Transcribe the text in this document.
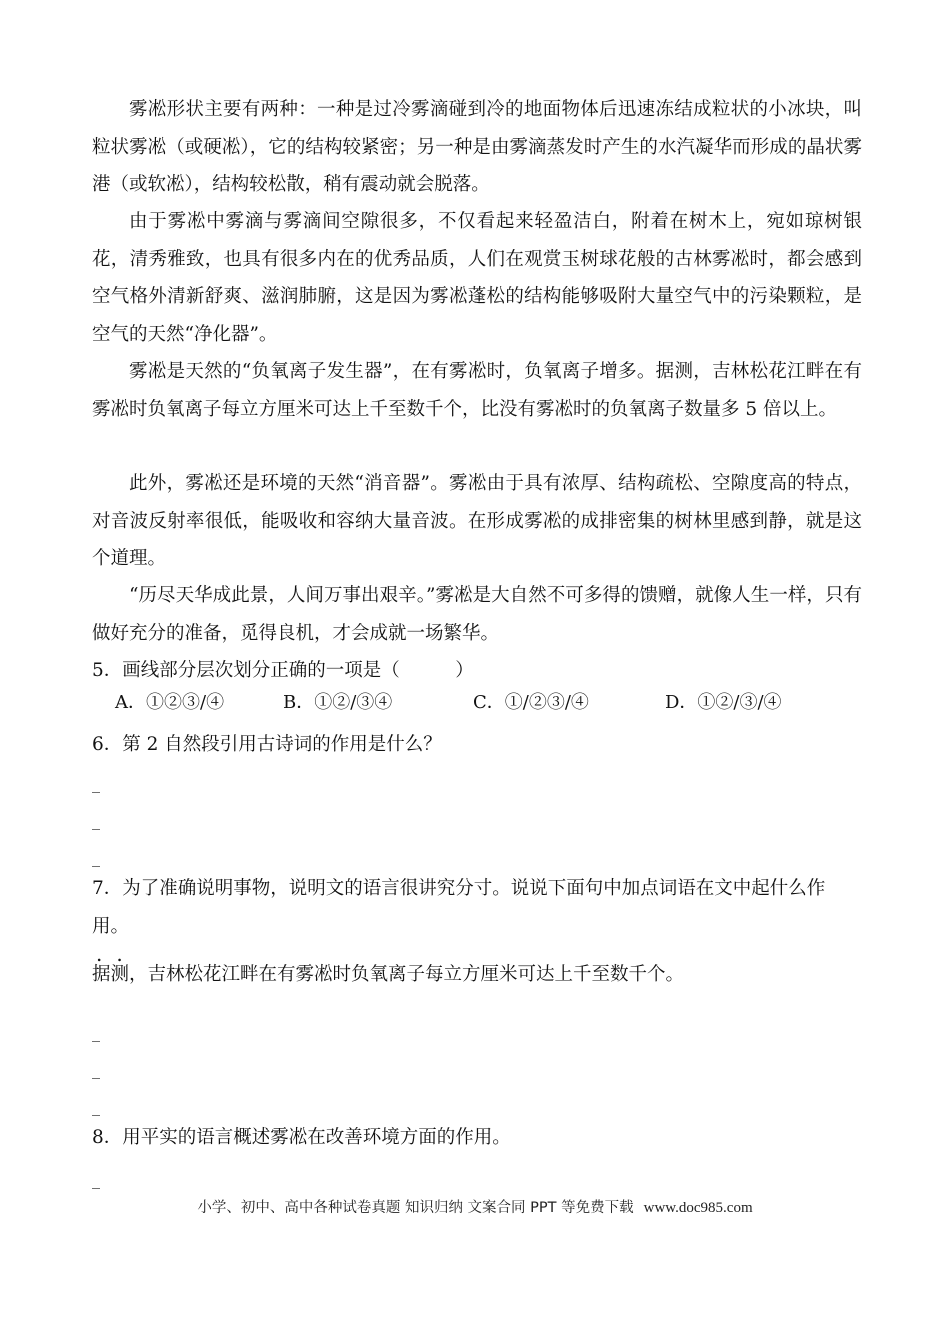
雾凇形状主要有两种：一种是过冷雾滴碰到冷的地面物体后迅速冻结成粒状的小冰块，叫粒状雾凇（或硬凇），它的结构较紧密；另一种是由雾滴蒸发时产生的水汽凝华而形成的晶状雾港（或软凇），结构较松散，稍有震动就会脱落。

由于雾凇中雾滴与雾滴间空隙很多，不仅看起来轻盈洁白，附着在树木上，宛如琼树银花，清秀雅致，也具有很多内在的优秀品质，人们在观赏玉树球花般的古林雾凇时，都会感到空气格外清新舒爽、滋润肺腑，这是因为雾凇蓬松的结构能够吸附大量空气中的污染颗粒，是空气的天然“净化器”。

雾凇是天然的“负氧离子发生器”，在有雾凇时，负氧离子增多。据测，吉林松花江畔在有雾凇时负氧离子每立方厘米可达上千至数千个，比没有雾凇时的负氧离子数量多 5 倍以上。

此外，雾凇还是环境的天然“消音器”。雾凇由于具有浓厚、结构疏松、空隙度高的特点，对音波反射率很低，能吸收和容纳大量音波。在形成雾凇的成排密集的树林里感到静，就是这个道理。

“历尽天华成此景，人间万事出艰辛。”雾凇是大自然不可多得的馈赠，就像人生一样，只有做好充分的准备，觅得良机，才会成就一场繁华。

5．画线部分层次划分正确的一项是（　　　）

A．①②③/④	B．①②/③④	C．①/②③/④	D．①②/③/④

6．第 2 自然段引用古诗词的作用是什么？

_
_
_

7．为了准确说明事物，说明文的语言很讲究分寸。说说下面句中加点词语在文中起什么作用。

..

据测，吉林松花江畔在有雾凇时负氧离子每立方厘米可达上千至数千个。

_
_
_

8．用平实的语言概述雾凇在改善环境方面的作用。

_
小学、初中、高中各种试卷真题 知识归纳 文案合同 PPT 等免费下载 www.doc985.com
